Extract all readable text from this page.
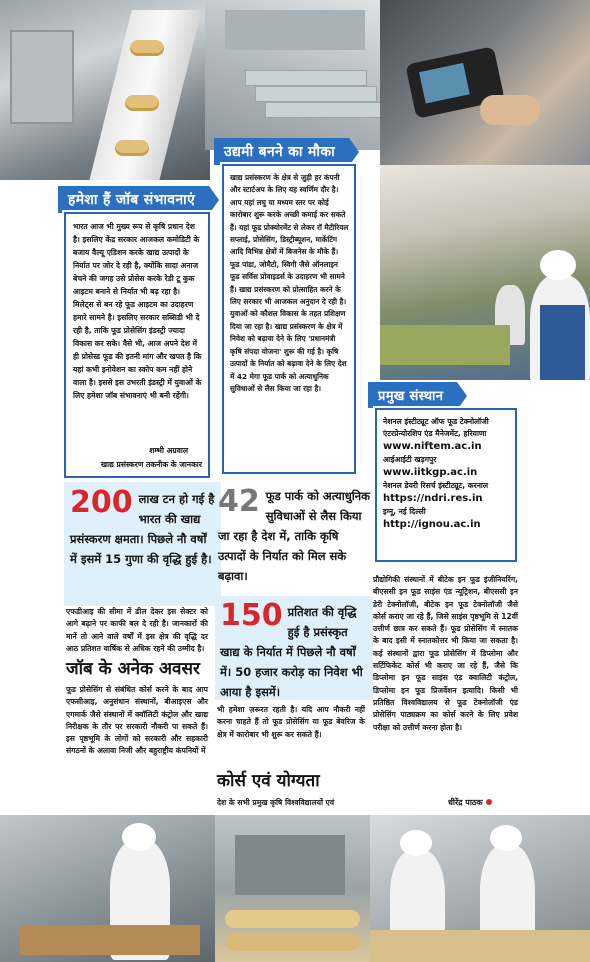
हमेशा हैं जॉब संभावनाएं
भारत आज भी मुख्य रूप से कृषि प्रधान देश है। इसलिए केंद्र सरकार आजकल कमोडिटी के बजाय वैल्यू एडिशन करके खाद्य उत्पादों के निर्यात पर जोर दे रही है, क्योंकि सादा अनाज बेचने की जगह उसे प्रोसेस करके रेडी टू कुक आइटम बनाने से निर्यात भी बढ़ रहा है। मिलेट्स से बन रहे फूड आइटम का उदाहरण हमारे सामने है। इसलिए सरकार सब्सिडी भी दे रही है, ताकि फूड प्रोसेसिंग इंडस्ट्री ज्यादा विकास कर सके। वैसे भी, आज अपने देश में ही प्रोसेस्ड फूड की इतनी मांग और खपत है कि यहां कभी इनोवेशन का स्कोप कम नहीं होने वाला है। इससे इस उभरती इंडस्ट्री में युवाओं के लिए हमेशा जॉब संभावनाएं भी बनी रहेंगी।
शम्भी अग्रवाल
खाद्य प्रसंस्करण तकनीक के जानकार
उद्यमी बनने का मौका
खाद्य प्रसंस्करण के क्षेत्र से जुड़ी हर कंपनी और स्टार्टअप के लिए यह स्वर्णिम दौर है। आप यहां लघु या मध्यम स्तर पर कोई कारोबार शुरू करके अच्छी कमाई कर सकते हैं। यहां फूड प्रोक्योरमेंट से लेकर रॉ मैटीरियल सप्लाई, प्रोसेसिंग, डिस्ट्रीब्यूशन, मार्केटिंग आदि विभिन्न क्षेत्रों में बिजनेस के मौके हैं। फूड पांडा, जोमैटो, स्विगी जैसे ऑनलाइन फूड सर्विस प्रोवाइडर्स के उदाहरण भी सामने हैं। खाद्य प्रसंस्करण को प्रोत्साहित करने के लिए सरकार भी आजकल अनुदान दे रही है। युवाओं को कौशल विकास के तहत प्रशिक्षण दिया जा रहा है। खाद्य प्रसंस्करण के क्षेत्र में निवेश को बढ़ावा देने के लिए 'प्रधानमंत्री कृषि संपदा योजना' शुरू की गई है। कृषि उत्पादों के निर्यात को बढ़ावा देने के लिए देश में 42 मेगा फूड पार्क को अत्याधुनिक सुविधाओं से लैस किया जा रहा है।
प्रमुख संस्थान
नेशनल इंस्टीट्यूट ऑफ फूड टेक्नोलॉजी एंटरप्रेन्योरशिप एंड मैनेजमेंट, हरियाणा
www.niftem.ac.in
आईआईटी खड़गपुर
www.iitkgp.ac.in
नेशनल डेयरी रिसर्च इंस्टीट्यूट, करनाल
https://ndri.res.in
इग्नू, नई दिल्ली
http://ignou.ac.in
200 लाख टन हो गई है भारत की खाद्य प्रसंस्करण क्षमता। पिछले नौ वर्षों में इसमें 15 गुणा की वृद्धि हुई है।
42 फूड पार्क को अत्याधुनिक सुविधाओं से लैस किया जा रहा है देश में, ताकि कृषि उत्पादों के निर्यात को मिल सके बढ़ावा।
150 प्रतिशत की वृद्धि हुई है प्रसंस्कृत खाद्य के निर्यात में पिछले नौ वर्षों में। 50 हजार करोड़ का निवेश भी आया है इसमें।
एफडीआइ की सीमा में ढील देकर इस सेक्टर को आगे बढ़ाने पर काफी बल दे रही है। जानकारों की मानें तो आने वाले वर्षों में इस क्षेत्र की वृद्धि दर आठ प्रतिशत वार्षिक से अधिक रहने की उम्मीद है।
जॉब के अनेक अवसर
फूड प्रोसेसिंग से संबंधित कोर्स करने के बाद आप एफसीआइ, अनुसंधान संस्थानों, बीआइएस और एगमार्क जैसे संस्थानों में क्वॉलिटी कंट्रोल और खाद्य निरीक्षक के तौर पर सरकारी नौकरी पा सकते हैं। इस पृष्ठभूमि के लोगों को सरकारी और सहकारी संगठनों के अलावा निजी और बहुराष्ट्रीय कंपनियों में
भी हमेशा ज़रूरत रहती है। यदि आप नौकरी नहीं करना चाहते हैं तो फूड प्रोसेसिंग या फूड बेवरिज के क्षेत्र में कारोबार भी शुरू कर सकते हैं।
कोर्स एवं योग्यता
देश के सभी प्रमुख कृषि विश्वविद्यालयों एवं
प्रौद्योगिकी संस्थानों में बीटेक इन फूड इंजीनियरिंग, बीएससी इन फूड साइंस एंड न्यूट्रिशन, बीएससी इन डेरी टेक्नोलॉजी, बीटेक इन फूड टेक्नोलॉजी जैसे कोर्स कराए जा रहे हैं, जिसे साइंस पृष्ठभूमि से 12वीं उत्तीर्ण छात्र कर सकते हैं। फूड प्रोसेसिंग में स्नातक के बाद इसी में स्नातकोत्तर भी किया जा सकता है। कई संस्थानों द्वारा फूड प्रोसेसिंग में डिप्लोमा और सर्टिफिकेट कोर्स भी कराए जा रहे हैं, जैसे कि डिप्लोमा इन फूड साइंस एंड क्वालिटी कंट्रोल, डिप्लोमा इन फूड प्रिजर्वेशन इत्यादि। किसी भी प्रतिष्ठित विश्वविद्यालय से फूड टेक्नोलॉजी एंड प्रोसेसिंग पाठ्यक्रम का कोर्स करने के लिए प्रवेश परीक्षा को उत्तीर्ण करना होता है।
धीरेंद्र पाठक
